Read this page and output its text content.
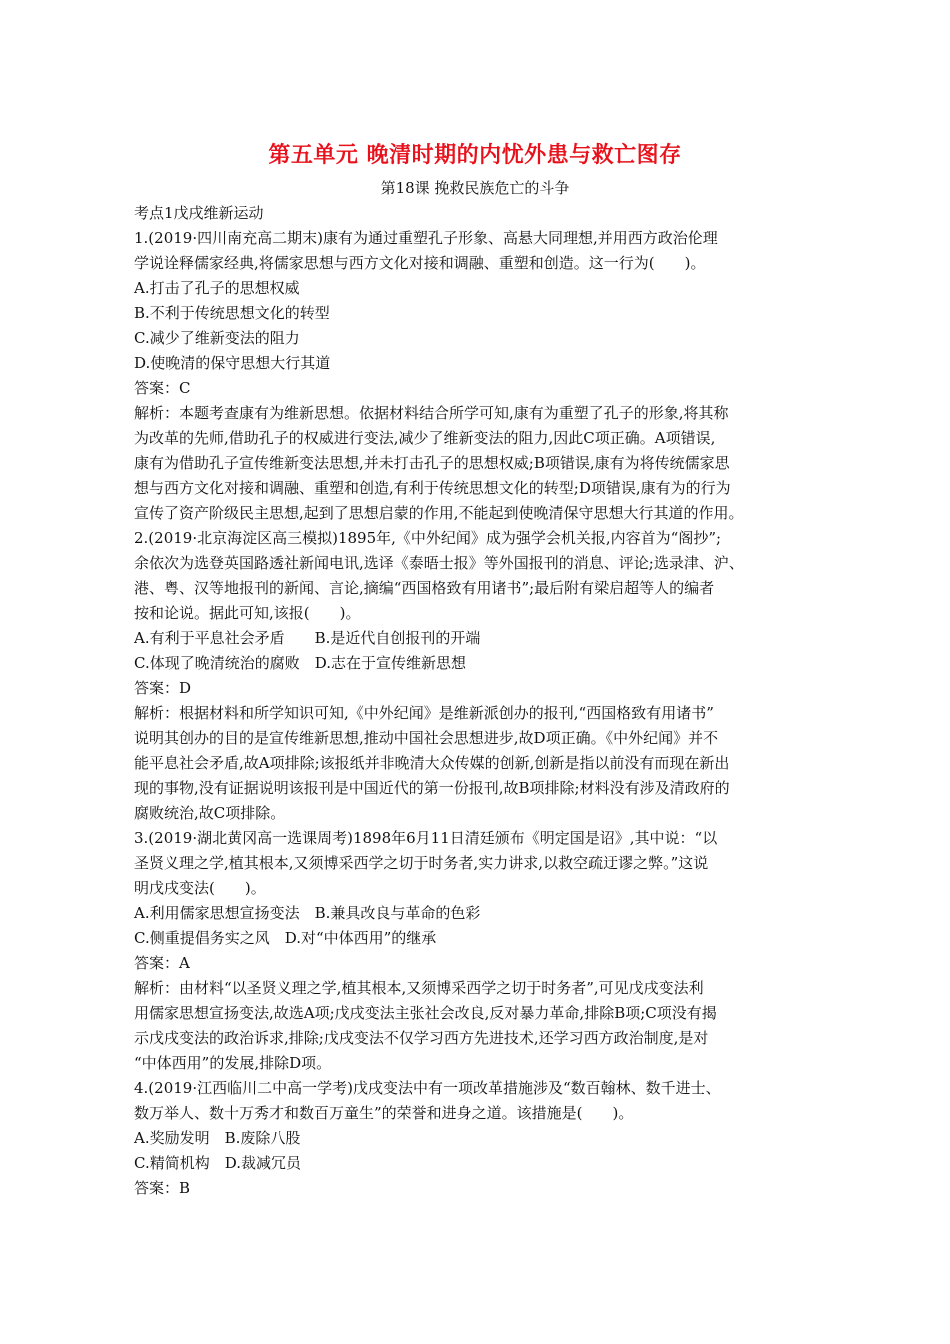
第五单元 晚清时期的内忧外患与救亡图存
第18课 挽救民族危亡的斗争

考点1戊戌维新运动

1.(2019·四川南充高二期末)康有为通过重塑孔子形象、高悬大同理想,并用西方政治伦理

学说诠释儒家经典,将儒家思想与西方文化对接和调融、重塑和创造。这一行为(　　)。

A.打击了孔子的思想权威

B.不利于传统思想文化的转型

C.减少了维新变法的阻力

D.使晚清的保守思想大行其道

答案：C

解析：本题考查康有为维新思想。依据材料结合所学可知,康有为重塑了孔子的形象,将其称

为改革的先师,借助孔子的权威进行变法,减少了维新变法的阻力,因此C项正确。A项错误,

康有为借助孔子宣传维新变法思想,并未打击孔子的思想权威;B项错误,康有为将传统儒家思

想与西方文化对接和调融、重塑和创造,有利于传统思想文化的转型;D项错误,康有为的行为

宣传了资产阶级民主思想,起到了思想启蒙的作用,不能起到使晚清保守思想大行其道的作用。

2.(2019·北京海淀区高三模拟)1895年,《中外纪闻》成为强学会机关报,内容首为“阁抄”;

余依次为选登英国路透社新闻电讯,选译《泰晤士报》等外国报刊的消息、评论;选录津、沪、

港、粤、汉等地报刊的新闻、言论,摘编“西国格致有用诸书”;最后附有梁启超等人的编者

按和论说。据此可知,该报(　　)。

A.有利于平息社会矛盾　　B.是近代自创报刊的开端

C.体现了晚清统治的腐败　D.志在于宣传维新思想

答案：D

解析：根据材料和所学知识可知,《中外纪闻》是维新派创办的报刊,“西国格致有用诸书”

说明其创办的目的是宣传维新思想,推动中国社会思想进步,故D项正确。《中外纪闻》并不

能平息社会矛盾,故A项排除;该报纸并非晚清大众传媒的创新,创新是指以前没有而现在新出

现的事物,没有证据说明该报刊是中国近代的第一份报刊,故B项排除;材料没有涉及清政府的

腐败统治,故C项排除。

3.(2019·湖北黄冈高一选课周考)1898年6月11日清廷颁布《明定国是诏》,其中说：“以

圣贤义理之学,植其根本,又须博采西学之切于时务者,实力讲求,以救空疏迂谬之弊。”这说

明戊戌变法(　　)。

A.利用儒家思想宣扬变法　B.兼具改良与革命的色彩

C.侧重提倡务实之风　D.对“中体西用”的继承

答案：A

解析：由材料“以圣贤义理之学,植其根本,又须博采西学之切于时务者”,可见戊戌变法利

用儒家思想宣扬变法,故选A项;戊戌变法主张社会改良,反对暴力革命,排除B项;C项没有揭

示戊戌变法的政治诉求,排除;戊戌变法不仅学习西方先进技术,还学习西方政治制度,是对

“中体西用”的发展,排除D项。

4.(2019·江西临川二中高一学考)戊戌变法中有一项改革措施涉及“数百翰林、数千进士、

数万举人、数十万秀才和数百万童生”的荣誉和进身之道。该措施是(　　)。

A.奖励发明　B.废除八股

C.精简机构　D.裁减冗员

答案：B
